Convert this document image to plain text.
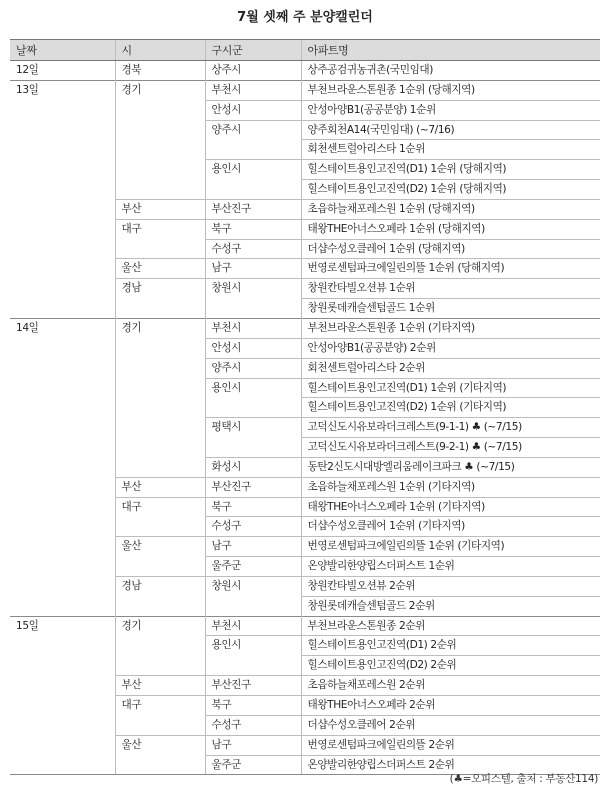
7월 셋째 주 분양캘린더
날짜	시	구시군	아파트명
12일	경북	상주시	상주공검귀농귀촌(국민임대)
13일	경기	부천시	부천브라운스톤원종 1순위 (당해지역)
		안성시	안성아양B1(공공분양) 1순위
		양주시	양주회천A14(국민임대) (~7/16)
			회천센트럴아리스타 1순위
		용인시	힐스테이트용인고진역(D1) 1순위 (당해지역)
			힐스테이트용인고진역(D2) 1순위 (당해지역)
	부산	부산진구	초읍하늘채포레스원 1순위 (당해지역)
	대구	북구	태왕THE아너스오페라 1순위 (당해지역)
		수성구	더샵수성오클레어 1순위 (당해지역)
	울산	남구	번영로센텀파크에일린의뜰 1순위 (당해지역)
	경남	창원시	창원칸타빌오션뷰 1순위
			창원롯데캐슬센텀골드 1순위
14일	경기	부천시	부천브라운스톤원종 1순위 (기타지역)
		안성시	안성아양B1(공공분양) 2순위
		양주시	회천센트럴아리스타 2순위
		용인시	힐스테이트용인고진역(D1) 1순위 (기타지역)
			힐스테이트용인고진역(D2) 1순위 (기타지역)
		평택시	고덕신도시유보라더크레스트(9-1-1) ♣ (~7/15)
			고덕신도시유보라더크레스트(9-2-1) ♣ (~7/15)
		화성시	동탄2신도시대방엘리움레이크파크 ♣ (~7/15)
	부산	부산진구	초읍하늘채포레스원 1순위 (기타지역)
	대구	북구	태왕THE아너스오페라 1순위 (기타지역)
		수성구	더샵수성오클레어 1순위 (기타지역)
	울산	남구	번영로센텀파크에일린의뜰 1순위 (기타지역)
		울주군	온양발리한양립스더퍼스트 1순위
	경남	창원시	창원칸타빌오션뷰 2순위
			창원롯데캐슬센텀골드 2순위
15일	경기	부천시	부천브라운스톤원종 2순위
		용인시	힐스테이트용인고진역(D1) 2순위
			힐스테이트용인고진역(D2) 2순위
	부산	부산진구	초읍하늘채포레스원 2순위
	대구	북구	태왕THE아너스오페라 2순위
		수성구	더샵수성오클레어 2순위
	울산	남구	번영로센텀파크에일린의뜰 2순위
		울주군	온양발리한양립스더퍼스트 2순위
(♣=오피스텔, 출처 : 부동산114)
